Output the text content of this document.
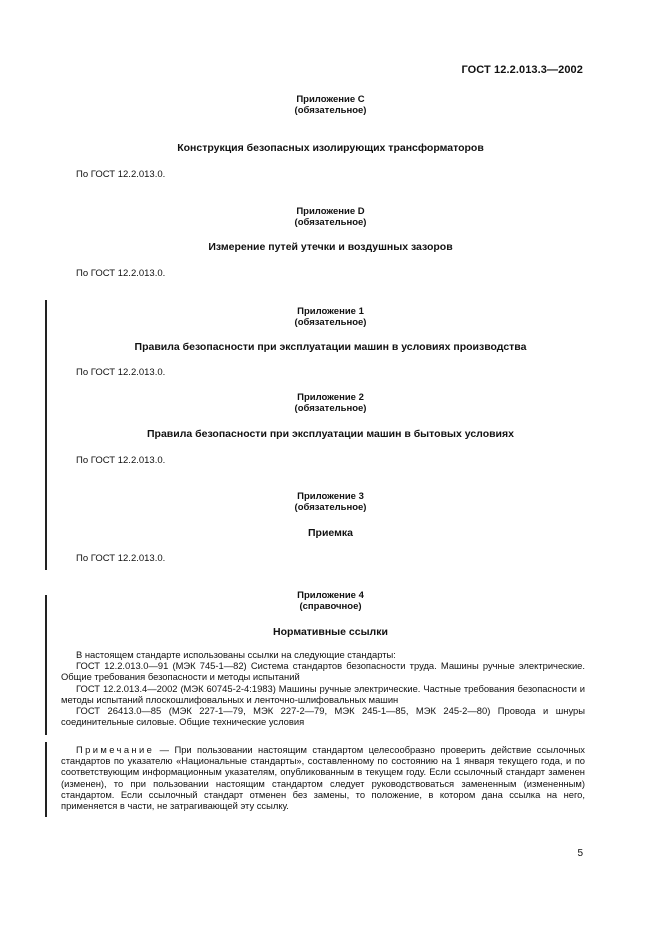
ГОСТ 12.2.013.3—2002
Приложение С
(обязательное)
Конструкция безопасных изолирующих трансформаторов
По ГОСТ 12.2.013.0.
Приложение D
(обязательное)
Измерение путей утечки и воздушных зазоров
По ГОСТ 12.2.013.0.
Приложение 1
(обязательное)
Правила безопасности при эксплуатации машин в условиях производства
По ГОСТ 12.2.013.0.
Приложение 2
(обязательное)
Правила безопасности при эксплуатации машин в бытовых условиях
По ГОСТ 12.2.013.0.
Приложение 3
(обязательное)
Приемка
По ГОСТ 12.2.013.0.
Приложение 4
(справочное)
Нормативные ссылки

В настоящем стандарте использованы ссылки на следующие стандарты:

ГОСТ 12.2.013.0—91 (МЭК 745-1—82) Система стандартов безопасности труда. Машины ручные электрические. Общие требования безопасности и методы испытаний

ГОСТ 12.2.013.4—2002 (МЭК 60745-2-4:1983) Машины ручные электрические. Частные требования безопасности и методы испытаний плоскошлифовальных и ленточно-шлифовальных машин

ГОСТ 26413.0—85 (МЭК 227-1—79, МЭК 227-2—79, МЭК 245-1—85, МЭК 245-2—80) Провода и шнуры соединительные силовые. Общие технические условия

Примечание — При пользовании настоящим стандартом целесообразно проверить действие ссылочных стандартов по указателю «Национальные стандарты», составленному по состоянию на 1 января текущего года, и по соответствующим информационным указателям, опубликованным в текущем году. Если ссылочный стандарт заменен (изменен), то при пользовании настоящим стандартом следует руководствоваться замененным (измененным) стандартом. Если ссылочный стандарт отменен без замены, то положение, в котором дана ссылка на него, применяется в части, не затрагивающей эту ссылку.
5
